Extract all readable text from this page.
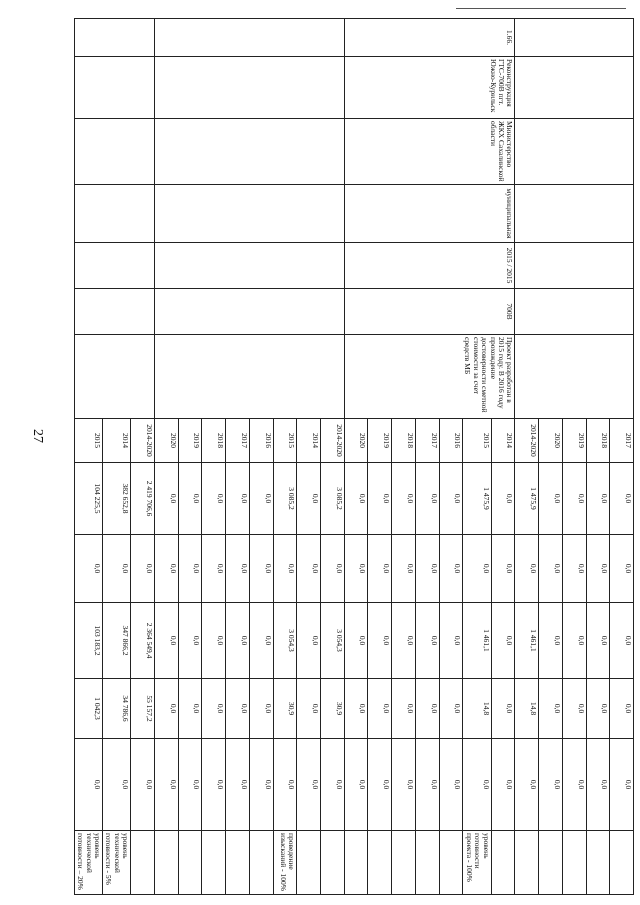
27
								2017	0,0	0,0	0,0	0,0	0,0	
							2018	0,0	0,0	0,0	0,0	0,0	
							2019	0,0	0,0	0,0	0,0	0,0	
							2020	0,0	0,0	0,0	0,0	0,0	
							2014-2020	1 475,9	0,0	1 461,1	14,8	0,0	
1.66.	Реконструкция ГТС-700В пгт. Южно-Курильск	Министерство ЖКХ Сахалинской области	муниципальная	2015 / 2015	700В	Проект разработан в 2015 году. В 2016 году прохождение достоверности сметной стоимости за счет средств МБ	2014	0,0	0,0	0,0	0,0	0,0	
							2015	1 475,9	0,0	1 461,1	14,8	0,0	уровень готовности проекта - 100%
							2016	0,0	0,0	0,0	0,0	0,0	
							2017	0,0	0,0	0,0	0,0	0,0	
							2018	0,0	0,0	0,0	0,0	0,0	
							2019	0,0	0,0	0,0	0,0	0,0	
							2020	0,0	0,0	0,0	0,0	0,0	
							2014-2020	3 085,2	0,0	3 054,3	30,9	0,0	
							2014	0,0	0,0	0,0	0,0	0,0	
							2015	3 085,2	0,0	3 054,3	30,9	0,0	проведение изысканий - 100%
							2016	0,0	0,0	0,0	0,0	0,0	
							2017	0,0	0,0	0,0	0,0	0,0	
							2018	0,0	0,0	0,0	0,0	0,0	
							2019	0,0	0,0	0,0	0,0	0,0	
							2020	0,0	0,0	0,0	0,0	0,0	
							2014-2020	2 419 706,6	0,0	2 364 549,4	55 157,2	0,0	
							2014	382 652,8	0,0	347 866,2	34 786,6	0,0	уровень технической готовности - 5%
							2015	104 225,5	0,0	103 183,2	1 042,3	0,0	уровень технической готовности – 20%
